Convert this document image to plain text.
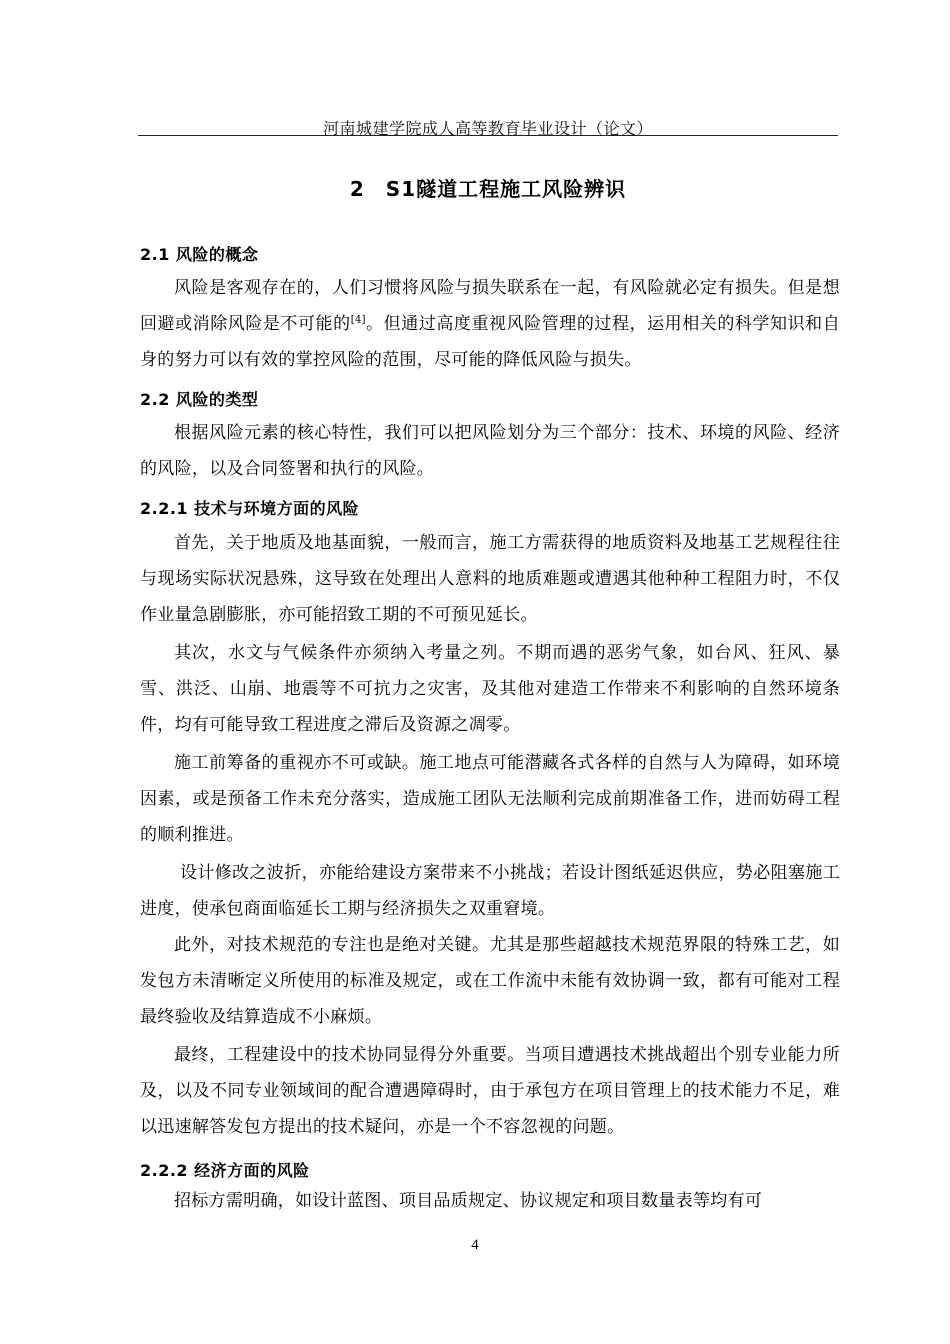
河南城建学院成人高等教育毕业设计（论文）
2　S1隧道工程施工风险辨识
2.1 风险的概念
风险是客观存在的，人们习惯将风险与损失联系在一起，有风险就必定有损失。但是想回避或消除风险是不可能的[4]。但通过高度重视风险管理的过程，运用相关的科学知识和自身的努力可以有效的掌控风险的范围，尽可能的降低风险与损失。
2.2 风险的类型
根据风险元素的核心特性，我们可以把风险划分为三个部分：技术、环境的风险、经济的风险，以及合同签署和执行的风险。
2.2.1 技术与环境方面的风险
首先，关于地质及地基面貌，一般而言，施工方需获得的地质资料及地基工艺规程往往与现场实际状况悬殊，这导致在处理出人意料的地质难题或遭遇其他种种工程阻力时，不仅作业量急剧膨胀，亦可能招致工期的不可预见延长。
其次，水文与气候条件亦须纳入考量之列。不期而遇的恶劣气象，如台风、狂风、暴雪、洪泛、山崩、地震等不可抗力之灾害，及其他对建造工作带来不利影响的自然环境条件，均有可能导致工程进度之滞后及资源之凋零。
施工前筹备的重视亦不可或缺。施工地点可能潜藏各式各样的自然与人为障碍，如环境因素，或是预备工作未充分落实，造成施工团队无法顺利完成前期准备工作，进而妨碍工程的顺利推进。
设计修改之波折，亦能给建设方案带来不小挑战；若设计图纸延迟供应，势必阻塞施工进度，使承包商面临延长工期与经济损失之双重窘境。
此外，对技术规范的专注也是绝对关键。尤其是那些超越技术规范界限的特殊工艺，如发包方未清晰定义所使用的标准及规定，或在工作流中未能有效协调一致，都有可能对工程最终验收及结算造成不小麻烦。
最终，工程建设中的技术协同显得分外重要。当项目遭遇技术挑战超出个别专业能力所及，以及不同专业领域间的配合遭遇障碍时，由于承包方在项目管理上的技术能力不足，难以迅速解答发包方提出的技术疑问，亦是一个不容忽视的问题。
2.2.2 经济方面的风险
招标方需明确，如设计蓝图、项目品质规定、协议规定和项目数量表等均有可
4
